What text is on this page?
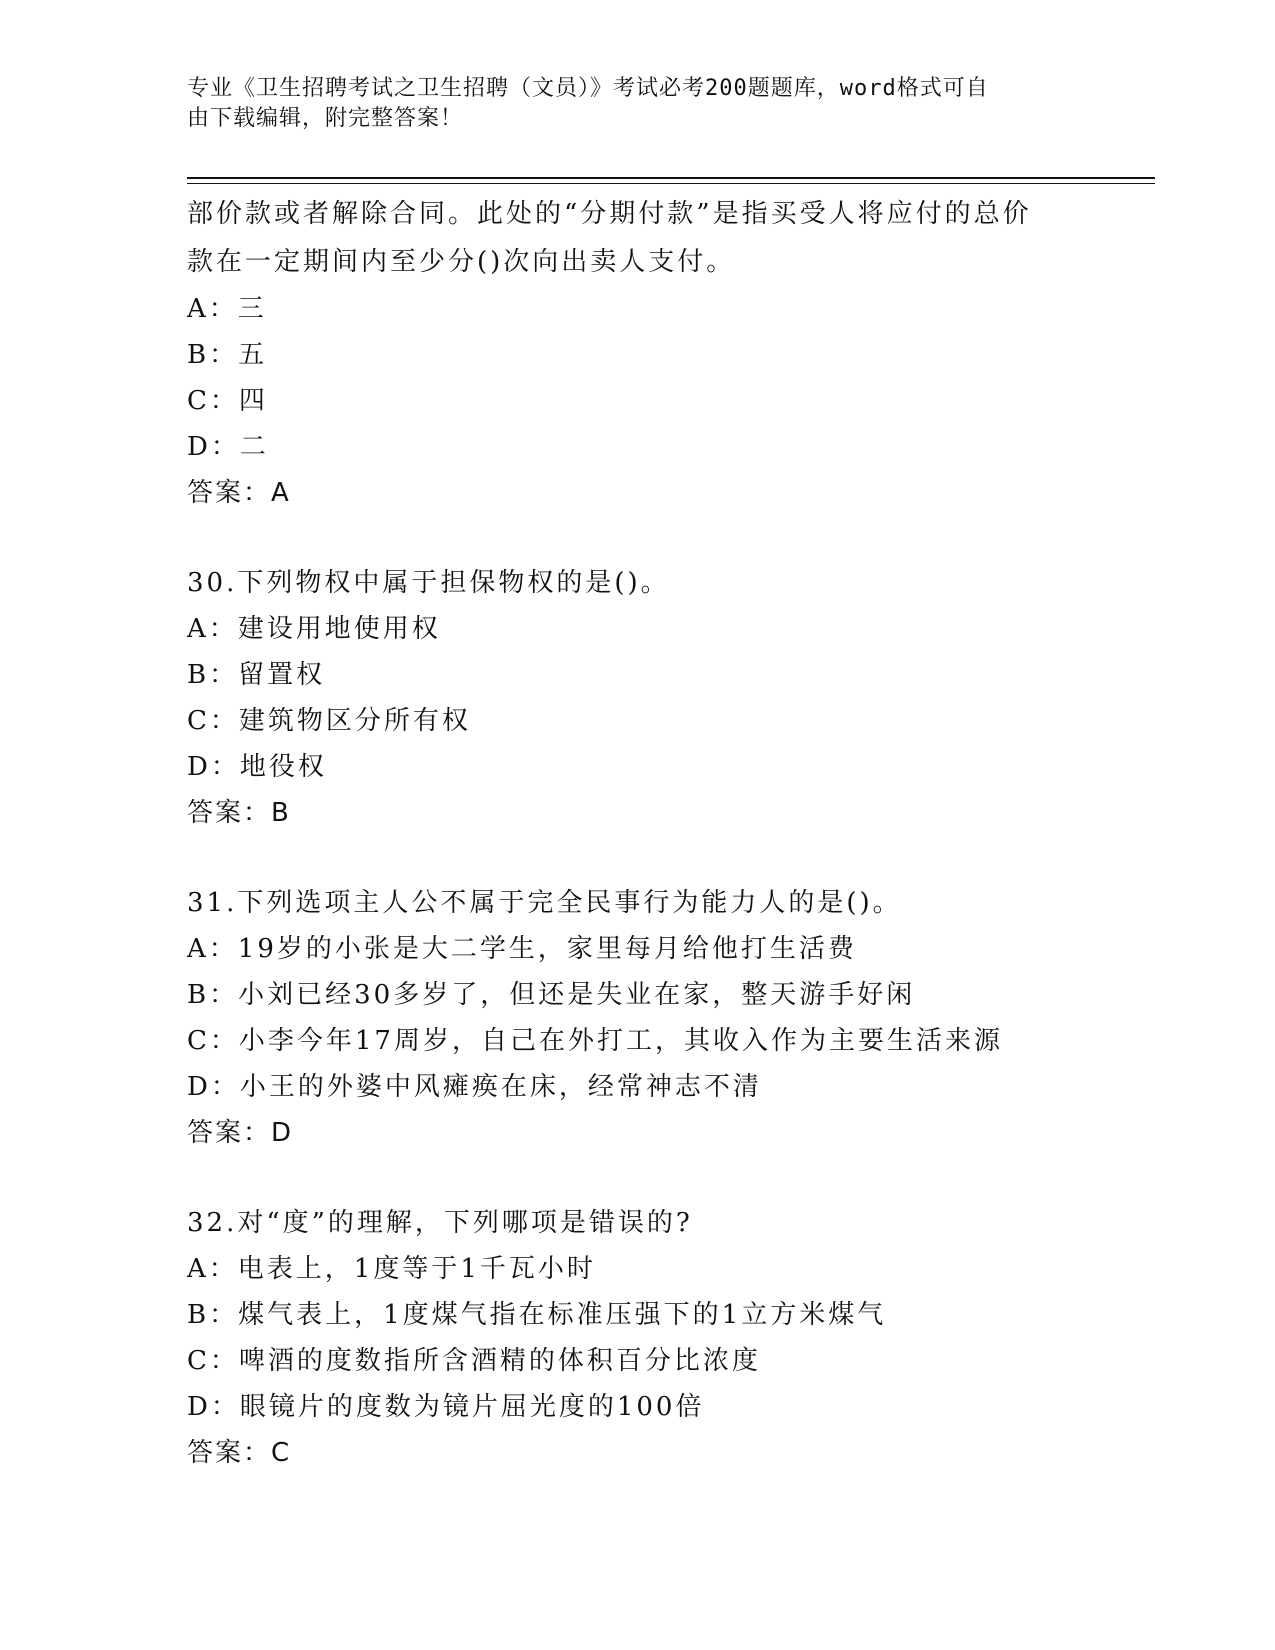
专业《卫生招聘考试之卫生招聘（文员）》考试必考200题题库，word格式可自
由下载编辑，附完整答案！
部价款或者解除合同。此处的“分期付款”是指买受人将应付的总价
款在一定期间内至少分()次向出卖人支付。
A：三
B：五
C：四
D：二
答案：A
30.下列物权中属于担保物权的是()。
A：建设用地使用权
B：留置权
C：建筑物区分所有权
D：地役权
答案：B
31.下列选项主人公不属于完全民事行为能力人的是()。
A：19岁的小张是大二学生，家里每月给他打生活费
B：小刘已经30多岁了，但还是失业在家，整天游手好闲
C：小李今年17周岁，自己在外打工，其收入作为主要生活来源
D：小王的外婆中风瘫痪在床，经常神志不清
答案：D
32.对“度”的理解，下列哪项是错误的?
A：电表上，1度等于1千瓦小时
B：煤气表上，1度煤气指在标准压强下的1立方米煤气
C：啤酒的度数指所含酒精的体积百分比浓度
D：眼镜片的度数为镜片屈光度的100倍
答案：C
